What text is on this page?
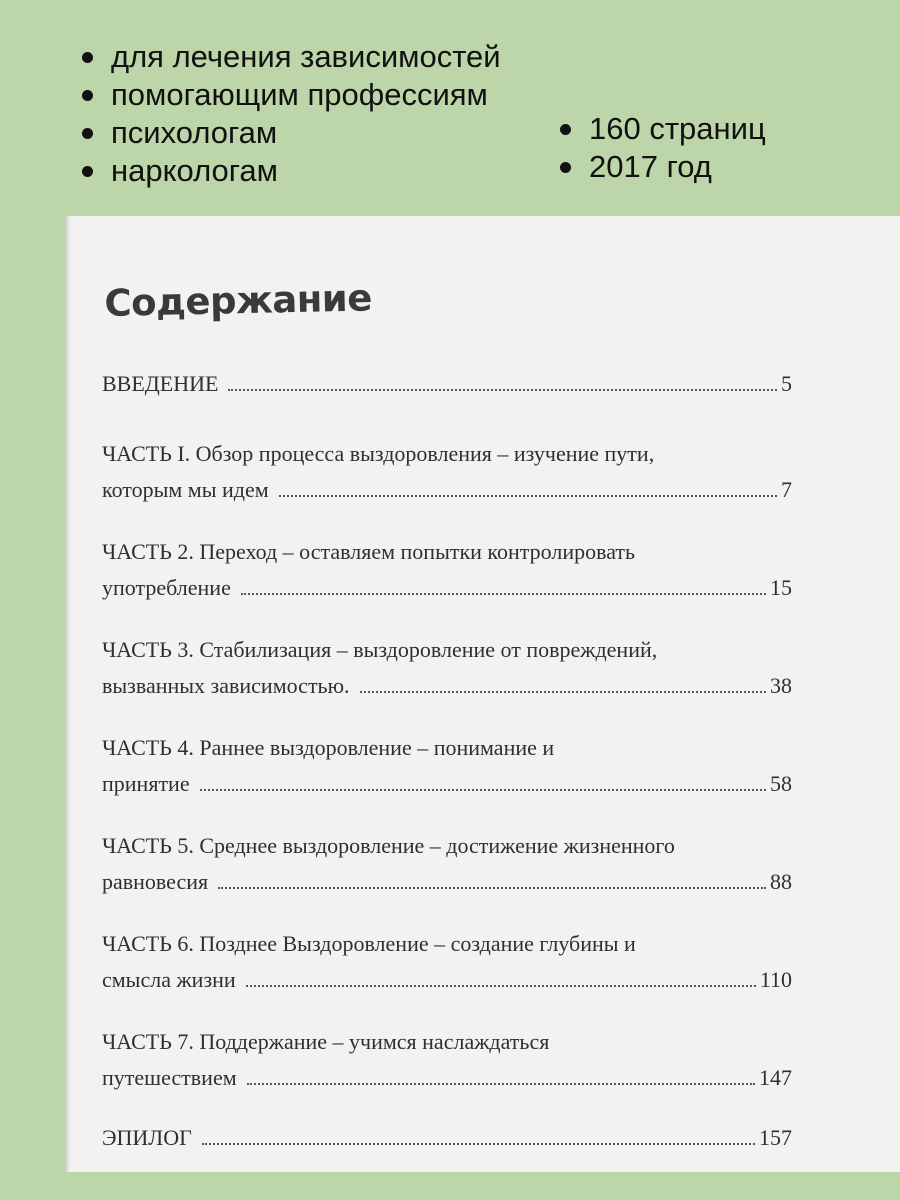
для лечения зависимостей
помогающим профессиям
психологам
наркологам
160 страниц
2017 год
Содержание
ВВЕДЕНИЕ	5
ЧАСТЬ I. Обзор процесса выздоровления – изучение пути,
которым мы идем	7
ЧАСТЬ 2. Переход – оставляем попытки контролировать
употребление	15
ЧАСТЬ 3. Стабилизация – выздоровление от повреждений,
вызванных зависимостью.	38
ЧАСТЬ 4. Раннее выздоровление – понимание и
принятие	58
ЧАСТЬ 5. Среднее выздоровление – достижение жизненного
равновесия	88
ЧАСТЬ 6. Позднее Выздоровление – создание глубины и
смысла жизни	110
ЧАСТЬ 7. Поддержание – учимся наслаждаться
путешествием	147
ЭПИЛОГ	157
